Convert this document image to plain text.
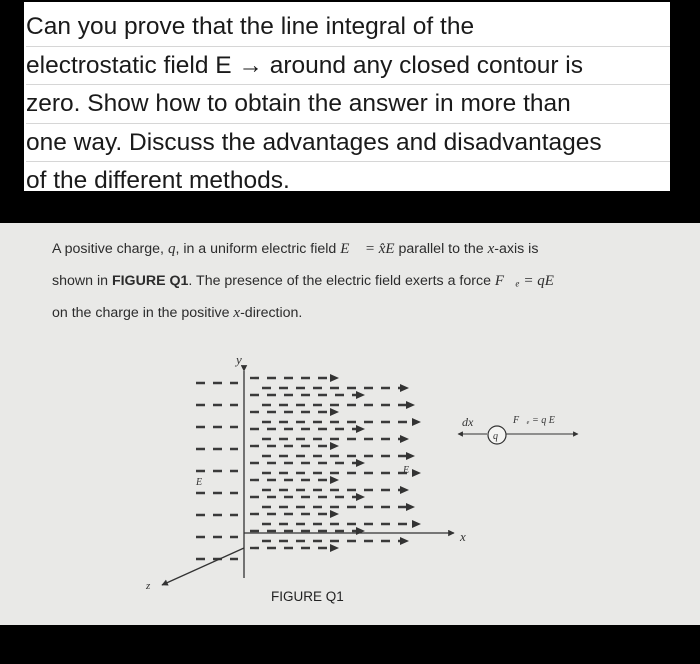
Can you prove that the line integral of the
electrostatic field E → around any closed contour is
zero. Show how to obtain the answer in more than
one way. Discuss the advantages and disadvantages
of the different methods.
A positive charge, q, in a uniform electric field E⃗ = x̂E parallel to the x-axis is
shown in FIGURE Q1. The presence of the electric field exerts a force F⃗ₑ = qE⃗
on the charge in the positive x-direction.
y
x
z
E⃗
E⃗
dx
q
F⃗ₑ = q E⃗
FIGURE Q1
